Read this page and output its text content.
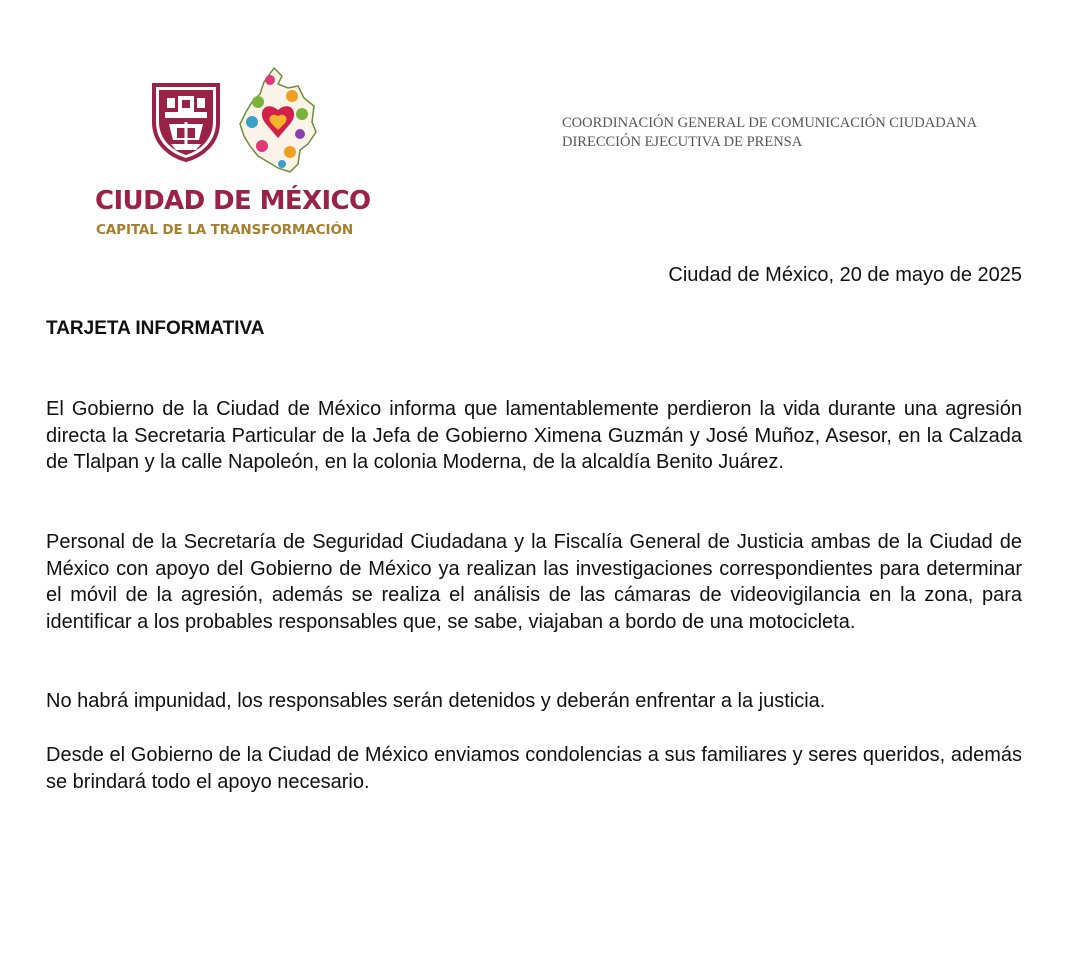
CIUDAD DE MÉXICO
CAPITAL DE LA TRANSFORMACIÓN
COORDINACIÓN GENERAL DE COMUNICACIÓN CIUDADANA
DIRECCIÓN EJECUTIVA DE PRENSA
Ciudad de México, 20 de mayo de 2025
TARJETA INFORMATIVA

El Gobierno de la Ciudad de México informa que lamentablemente perdieron la vida durante una agresión directa la Secretaria Particular de la Jefa de Gobierno Ximena Guzmán y José Muñoz, Asesor, en la Calzada de Tlalpan y la calle Napoleón, en la colonia Moderna, de la alcaldía Benito Juárez.

Personal de la Secretaría de Seguridad Ciudadana y la Fiscalía General de Justicia ambas de la Ciudad de México con apoyo del Gobierno de México ya realizan las investigaciones correspondientes para determinar el móvil de la agresión, además se realiza el análisis de las cámaras de videovigilancia en la zona, para identificar a los probables responsables que, se sabe, viajaban a bordo de una motocicleta.

No habrá impunidad, los responsables serán detenidos y deberán enfrentar a la justicia.

Desde el Gobierno de la Ciudad de México enviamos condolencias a sus familiares y seres queridos, además se brindará todo el apoyo necesario.
